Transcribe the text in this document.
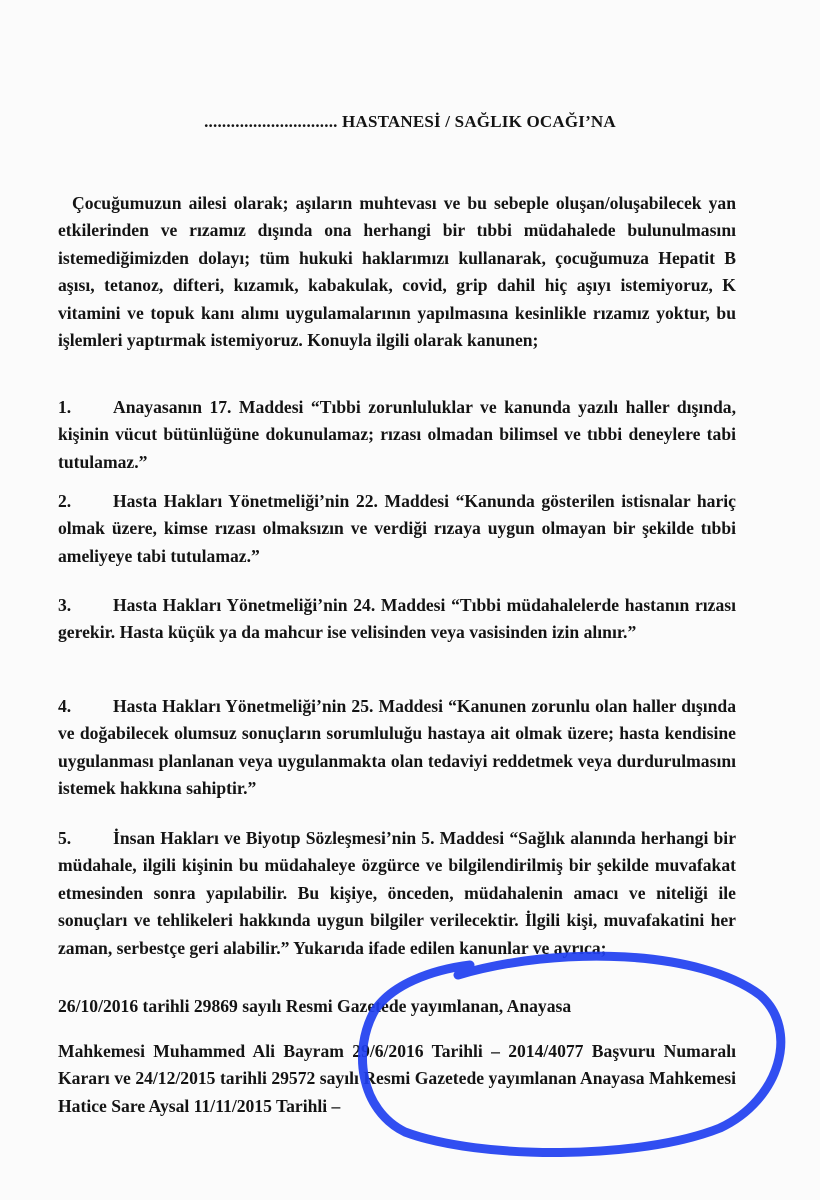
.............................. HASTANESİ / SAĞLIK OCAĞI’NA

Çocuğumuzun ailesi olarak; aşıların muhtevası ve bu sebeple oluşan/oluşabilecek yan etkilerinden ve rızamız dışında ona herhangi bir tıbbi müdahalede bulunulmasını istemediğimizden dolayı; tüm hukuki haklarımızı kullanarak, çocuğumuza Hepatit B aşısı, tetanoz, difteri, kızamık, kabakulak, covid, grip dahil hiç aşıyı istemiyoruz, K vitamini ve topuk kanı alımı uygulamalarının yapılmasına kesinlikle rızamız yoktur, bu işlemleri yaptırmak istemiyoruz. Konuyla ilgili olarak kanunen;

1. Anayasanın 17. Maddesi “Tıbbi zorunluluklar ve kanunda yazılı haller dışında, kişinin vücut bütünlüğüne dokunulamaz; rızası olmadan bilimsel ve tıbbi deneylere tabi tutulamaz.”

2. Hasta Hakları Yönetmeliği’nin 22. Maddesi “Kanunda gösterilen istisnalar hariç olmak üzere, kimse rızası olmaksızın ve verdiği rızaya uygun olmayan bir şekilde tıbbi ameliyeye tabi tutulamaz.”

3. Hasta Hakları Yönetmeliği’nin 24. Maddesi “Tıbbi müdahalelerde hastanın rızası gerekir. Hasta küçük ya da mahcur ise velisinden veya vasisinden izin alınır.”

4. Hasta Hakları Yönetmeliği’nin 25. Maddesi “Kanunen zorunlu olan haller dışında ve doğabilecek olumsuz sonuçların sorumluluğu hastaya ait olmak üzere; hasta kendisine uygulanması planlanan veya uygulanmakta olan tedaviyi reddetmek veya durdurulmasını istemek hakkına sahiptir.”

5. İnsan Hakları ve Biyotıp Sözleşmesi’nin 5. Maddesi “Sağlık alanında herhangi bir müdahale, ilgili kişinin bu müdahaleye özgürce ve bilgilendirilmiş bir şekilde muvafakat etmesinden sonra yapılabilir. Bu kişiye, önceden, müdahalenin amacı ve niteliği ile sonuçları ve tehlikeleri hakkında uygun bilgiler verilecektir. İlgili kişi, muvafakatini her zaman, serbestçe geri alabilir.” Yukarıda ifade edilen kanunlar ve ayrıca;

26/10/2016 tarihli 29869 sayılı Resmi Gazetede yayımlanan, Anayasa

Mahkemesi Muhammed Ali Bayram 29/6/2016 Tarihli – 2014/4077 Başvuru Numaralı Kararı ve 24/12/2015 tarihli 29572 sayılı Resmi Gazetede yayımlanan Anayasa Mahkemesi Hatice Sare Aysal 11/11/2015 Tarihli –
